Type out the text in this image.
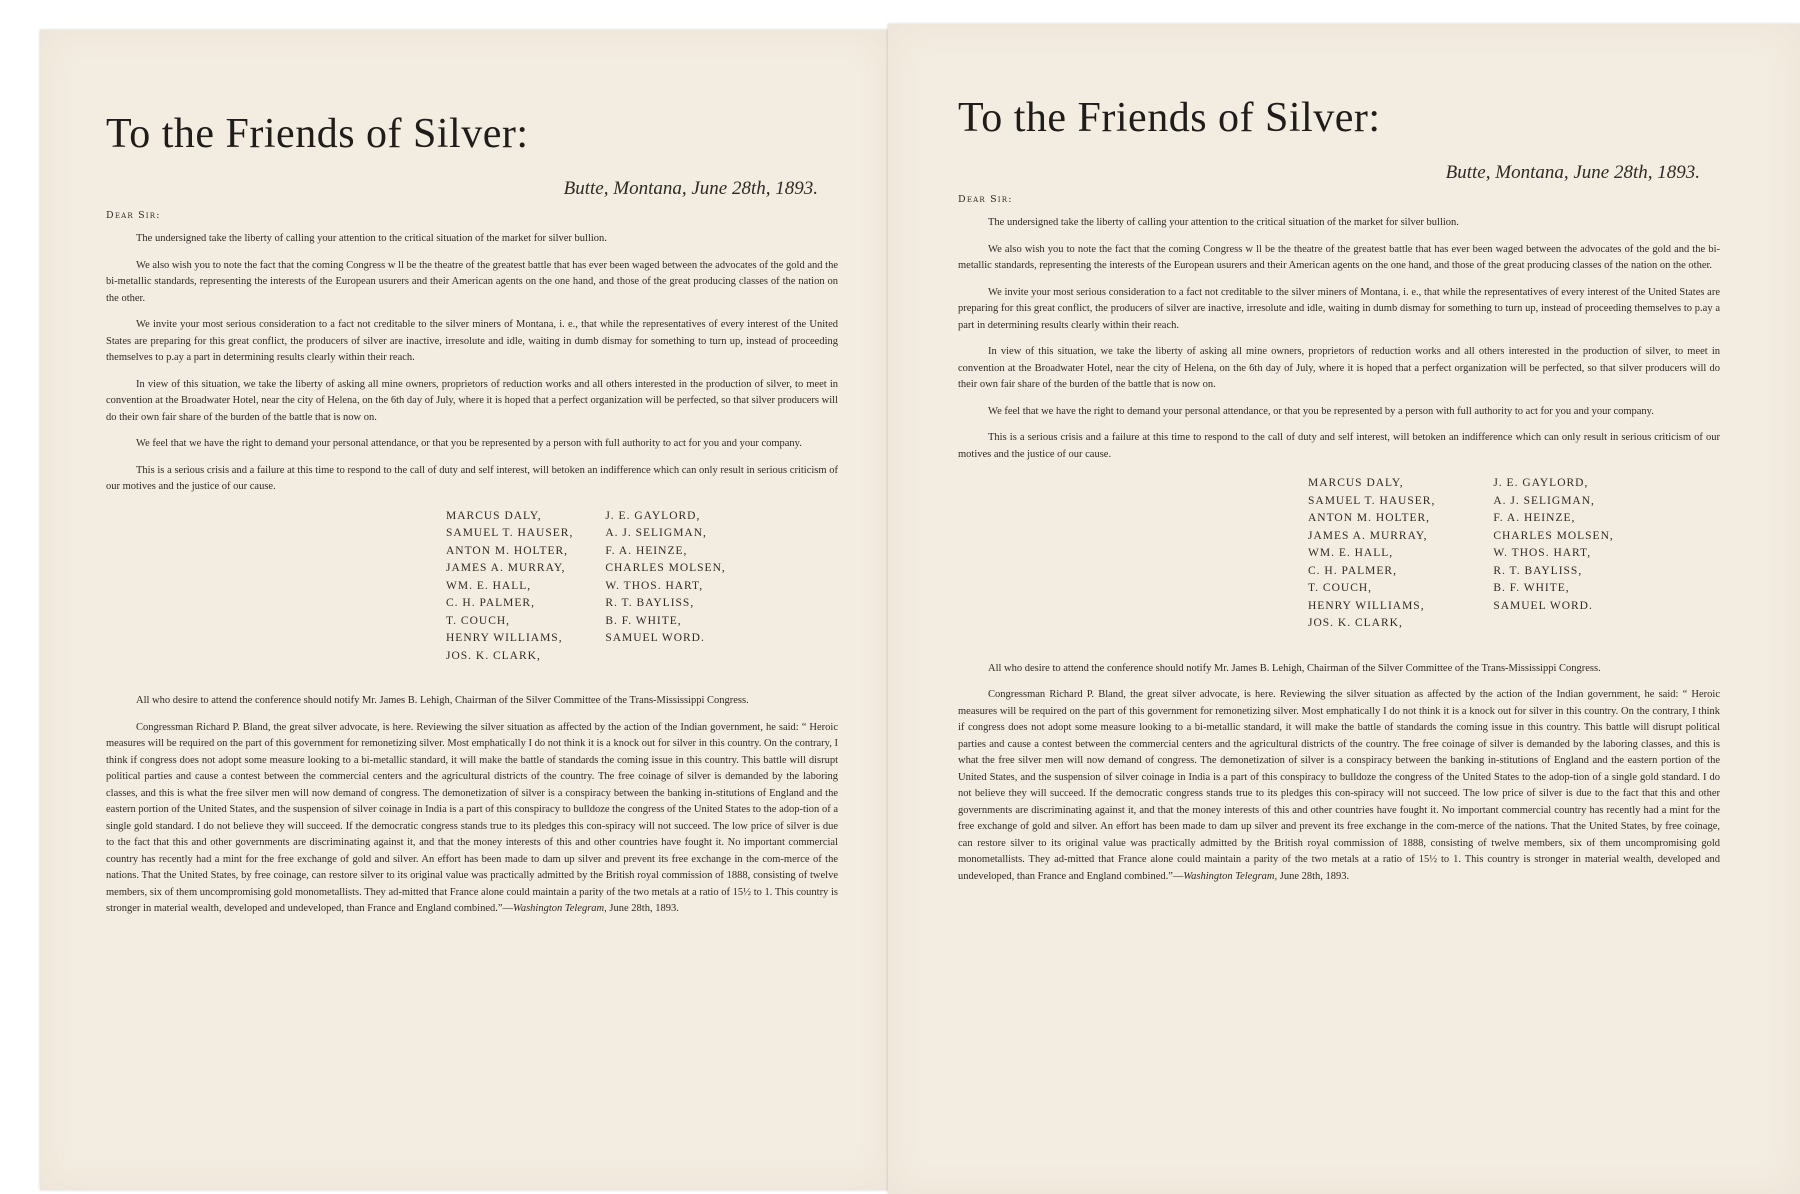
To the Friends of Silver:

Butte, Montana, June 28th, 1893.

Dear Sir:

The undersigned take the liberty of calling your attention to the critical situation of the market for silver bullion.

We also wish you to note the fact that the coming Congress w ll be the theatre of the greatest battle that has ever been waged between the advocates of the gold and the bi-metallic standards, representing the interests of the European usurers and their American agents on the one hand, and those of the great producing classes of the nation on the other.

We invite your most serious consideration to a fact not creditable to the silver miners of Montana, i. e., that while the representatives of every interest of the United States are preparing for this great conflict, the producers of silver are inactive, irresolute and idle, waiting in dumb dismay for something to turn up, instead of proceeding themselves to p.ay a part in determining results clearly within their reach.

In view of this situation, we take the liberty of asking all mine owners, proprietors of reduction works and all others interested in the production of silver, to meet in convention at the Broadwater Hotel, near the city of Helena, on the 6th day of July, where it is hoped that a perfect organization will be perfected, so that silver producers will do their own fair share of the burden of the battle that is now on.

We feel that we have the right to demand your personal attendance, or that you be represented by a person with full authority to act for you and your company.

This is a serious crisis and a failure at this time to respond to the call of duty and self interest, will betoken an indifference which can only result in serious criticism of our motives and the justice of our cause.

MARCUS DALY,
SAMUEL T. HAUSER,
ANTON M. HOLTER,
JAMES A. MURRAY,
WM. E. HALL,
C. H. PALMER,
T. COUCH,
HENRY WILLIAMS,
JOS. K. CLARK,
J. E. GAYLORD,
A. J. SELIGMAN,
F. A. HEINZE,
CHARLES MOLSEN,
W. THOS. HART,
R. T. BAYLISS,
B. F. WHITE,
SAMUEL WORD.

All who desire to attend the conference should notify Mr. James B. Lehigh, Chairman of the Silver Committee of the Trans-Mississippi Congress.

Congressman Richard P. Bland, the great silver advocate, is here. Reviewing the silver situation as affected by the action of the Indian government, he said: “ Heroic measures will be required on the part of this government for remonetizing silver. Most emphatically I do not think it is a knock out for silver in this country. On the contrary, I think if congress does not adopt some measure looking to a bi-metallic standard, it will make the battle of standards the coming issue in this country. This battle will disrupt political parties and cause a contest between the commercial centers and the agricultural districts of the country. The free coinage of silver is demanded by the laboring classes, and this is what the free silver men will now demand of congress. The demonetization of silver is a conspiracy between the banking in-stitutions of England and the eastern portion of the United States, and the suspension of silver coinage in India is a part of this conspiracy to bulldoze the congress of the United States to the adop-tion of a single gold standard. I do not believe they will succeed. If the democratic congress stands true to its pledges this con-spiracy will not succeed. The low price of silver is due to the fact that this and other governments are discriminating against it, and that the money interests of this and other countries have fought it. No important commercial country has recently had a mint for the free exchange of gold and silver. An effort has been made to dam up silver and prevent its free exchange in the com-merce of the nations. That the United States, by free coinage, can restore silver to its original value was practically admitted by the British royal commission of 1888, consisting of twelve members, six of them uncompromising gold monometallists. They ad-mitted that France alone could maintain a parity of the two metals at a ratio of 15½ to 1. This country is stronger in material wealth, developed and undeveloped, than France and England combined.”—Washington Telegram, June 28th, 1893.

To the Friends of Silver:

Butte, Montana, June 28th, 1893.

Dear Sir:

The undersigned take the liberty of calling your attention to the critical situation of the market for silver bullion.

We also wish you to note the fact that the coming Congress w ll be the theatre of the greatest battle that has ever been waged between the advocates of the gold and the bi-metallic standards, representing the interests of the European usurers and their American agents on the one hand, and those of the great producing classes of the nation on the other.

We invite your most serious consideration to a fact not creditable to the silver miners of Montana, i. e., that while the representatives of every interest of the United States are preparing for this great conflict, the producers of silver are inactive, irresolute and idle, waiting in dumb dismay for something to turn up, instead of proceeding themselves to p.ay a part in determining results clearly within their reach.

In view of this situation, we take the liberty of asking all mine owners, proprietors of reduction works and all others interested in the production of silver, to meet in convention at the Broadwater Hotel, near the city of Helena, on the 6th day of July, where it is hoped that a perfect organization will be perfected, so that silver producers will do their own fair share of the burden of the battle that is now on.

We feel that we have the right to demand your personal attendance, or that you be represented by a person with full authority to act for you and your company.

This is a serious crisis and a failure at this time to respond to the call of duty and self interest, will betoken an indifference which can only result in serious criticism of our motives and the justice of our cause.

MARCUS DALY,
SAMUEL T. HAUSER,
ANTON M. HOLTER,
JAMES A. MURRAY,
WM. E. HALL,
C. H. PALMER,
T. COUCH,
HENRY WILLIAMS,
JOS. K. CLARK,
J. E. GAYLORD,
A. J. SELIGMAN,
F. A. HEINZE,
CHARLES MOLSEN,
W. THOS. HART,
R. T. BAYLISS,
B. F. WHITE,
SAMUEL WORD.

All who desire to attend the conference should notify Mr. James B. Lehigh, Chairman of the Silver Committee of the Trans-Mississippi Congress.

Congressman Richard P. Bland, the great silver advocate, is here. Reviewing the silver situation as affected by the action of the Indian government, he said: “ Heroic measures will be required on the part of this government for remonetizing silver. Most emphatically I do not think it is a knock out for silver in this country. On the contrary, I think if congress does not adopt some measure looking to a bi-metallic standard, it will make the battle of standards the coming issue in this country. This battle will disrupt political parties and cause a contest between the commercial centers and the agricultural districts of the country. The free coinage of silver is demanded by the laboring classes, and this is what the free silver men will now demand of congress. The demonetization of silver is a conspiracy between the banking in-stitutions of England and the eastern portion of the United States, and the suspension of silver coinage in India is a part of this conspiracy to bulldoze the congress of the United States to the adop-tion of a single gold standard. I do not believe they will succeed. If the democratic congress stands true to its pledges this con-spiracy will not succeed. The low price of silver is due to the fact that this and other governments are discriminating against it, and that the money interests of this and other countries have fought it. No important commercial country has recently had a mint for the free exchange of gold and silver. An effort has been made to dam up silver and prevent its free exchange in the com-merce of the nations. That the United States, by free coinage, can restore silver to its original value was practically admitted by the British royal commission of 1888, consisting of twelve members, six of them uncompromising gold monometallists. They ad-mitted that France alone could maintain a parity of the two metals at a ratio of 15½ to 1. This country is stronger in material wealth, developed and undeveloped, than France and England combined.”—Washington Telegram, June 28th, 1893.
